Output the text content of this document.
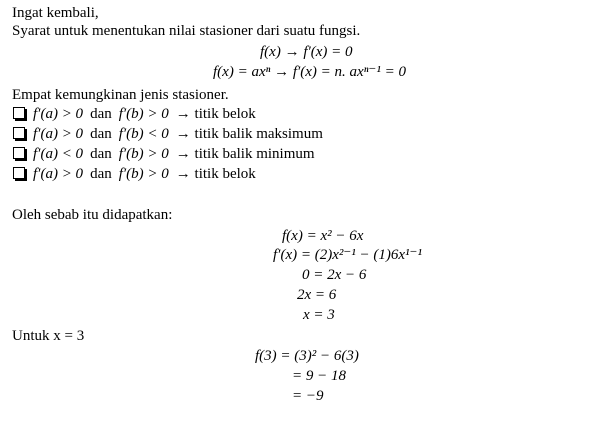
Ingat kembali,
Syarat untuk menentukan nilai stasioner dari suatu fungsi.
f(x) → f′(x) = 0
f(x) = axⁿ → f′(x) = n. axⁿ⁻¹ = 0
Empat kemungkinan jenis stasioner.
f′(a) > 0 dan f′(b) > 0 → titik belok
f′(a) > 0 dan f′(b) < 0 → titik balik maksimum
f′(a) < 0 dan f′(b) > 0 → titik balik minimum
f′(a) > 0 dan f′(b) > 0 → titik belok
Oleh sebab itu didapatkan:
f(x) = x² − 6x
f′(x) = (2)x²⁻¹ − (1)6x¹⁻¹
0 = 2x − 6
2x = 6
x = 3
Untuk x = 3
f(3) = (3)² − 6(3)
= 9 − 18
= −9
